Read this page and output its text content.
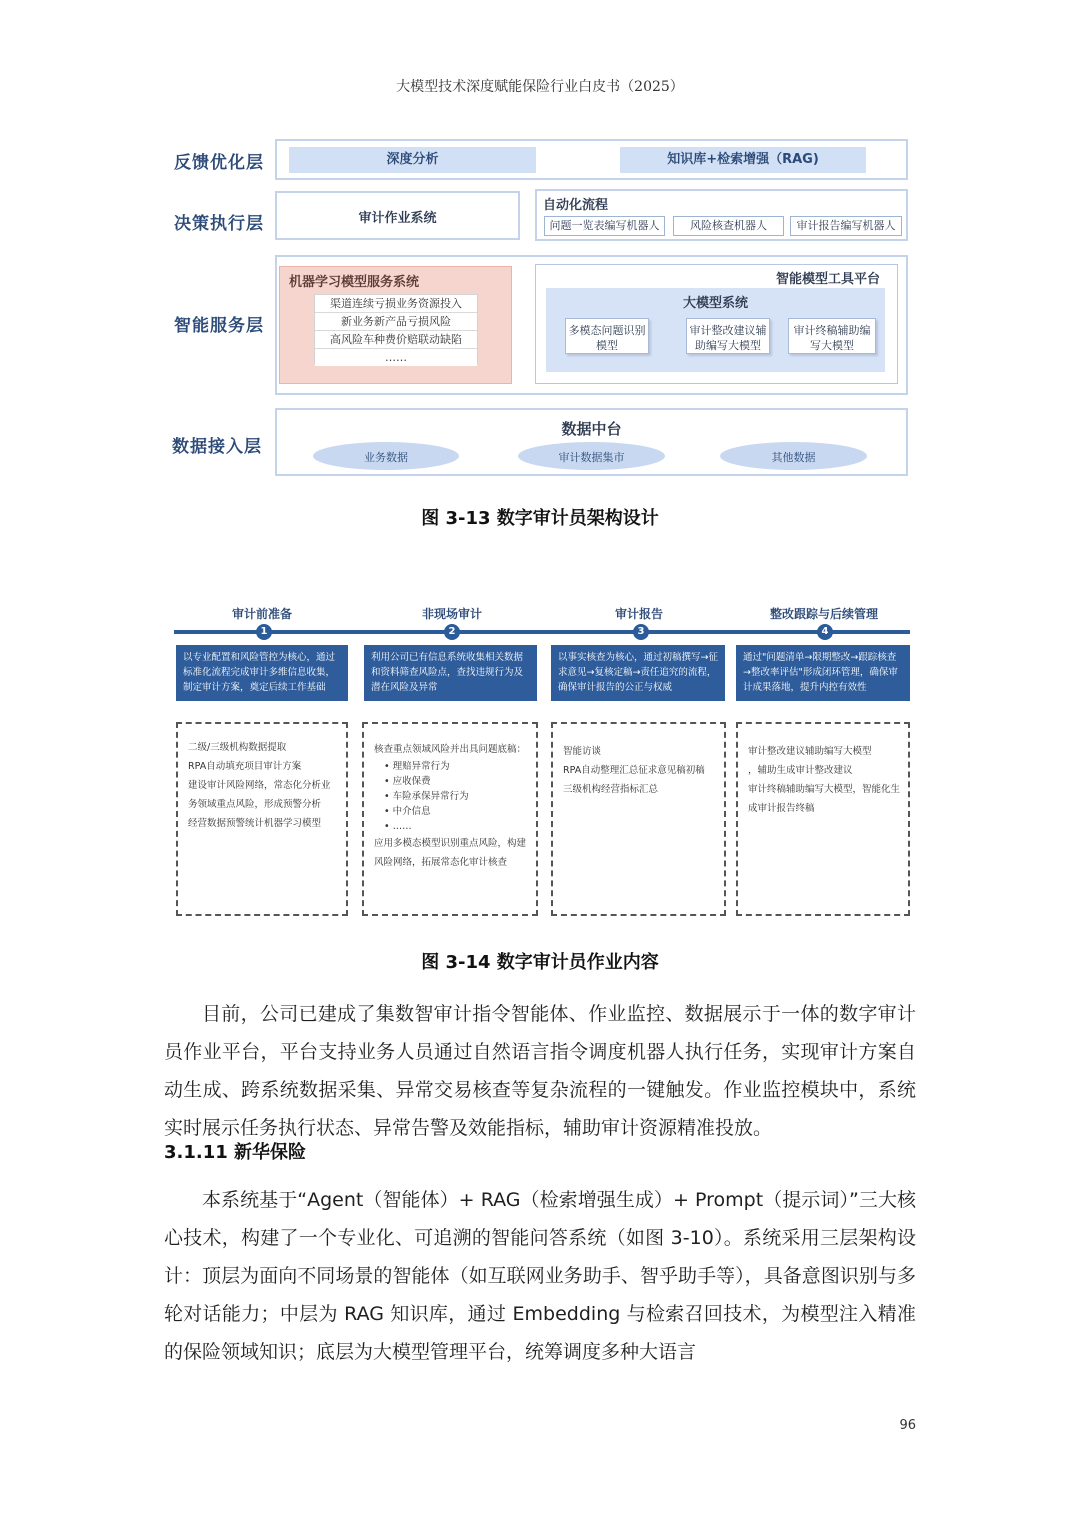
大模型技术深度赋能保险行业白皮书（2025）
反馈优化层
决策执行层
智能服务层
数据接入层
深度分析	知识库+检索增强（RAG)
审计作业系统
自动化流程
问题一览表编写机器人	风险核查机器人	审计报告编写机器人
机器学习模型服务系统
渠道连续亏损业务资源投入
新业务新产品亏损风险
高风险车种费价赔联动缺陷
……
智能模型工具平台
大模型系统
多模态问题识别模型
审计整改建议辅助编写大模型
审计终稿辅助编写大模型
数据中台
业务数据	审计数据集市	其他数据
图 3-13 数字审计员架构设计
审计前准备	非现场审计	审计报告	整改跟踪与后续管理
1	2	3	4
以专业配置和风险管控为核心，通过标准化流程完成审计多维信息收集，制定审计方案，奠定后续工作基础
利用公司已有信息系统收集相关数据和资料筛查风险点，查找违规行为及潜在风险及异常
以事实核查为核心，通过初稿撰写→征求意见→复核定稿→责任追究的流程，确保审计报告的公正与权威
通过"问题清单→限期整改→跟踪核查→整改率评估"形成闭环管理，确保审计成果落地，提升内控有效性
二级/三级机构数据提取
RPA自动填充项目审计方案
建设审计风险网络，常态化分析业务领域重点风险，形成预警分析
经营数据预警统计机器学习模型
核查重点领域风险并出具问题底稿：
• 理赔异常行为
• 应收保费
• 车险承保异常行为
• 中介信息
• ……
应用多模态模型识别重点风险，构建风险网络，拓展常态化审计核查
智能访谈
RPA自动整理汇总征求意见稿初稿
三级机构经营指标汇总
审计整改建议辅助编写大模型
，辅助生成审计整改建议
审计终稿辅助编写大模型，智能化生成审计报告终稿
图 3-14 数字审计员作业内容
目前，公司已建成了集数智审计指令智能体、作业监控、数据展示于一体的数字审计员作业平台，平台支持业务人员通过自然语言指令调度机器人执行任务，实现审计方案自动生成、跨系统数据采集、异常交易核查等复杂流程的一键触发。作业监控模块中，系统实时展示任务执行状态、异常告警及效能指标，辅助审计资源精准投放。
3.1.11 新华保险
本系统基于“Agent（智能体）+ RAG（检索增强生成）+ Prompt（提示词）”三大核心技术，构建了一个专业化、可追溯的智能问答系统（如图 3-10）。系统采用三层架构设计：顶层为面向不同场景的智能体（如互联网业务助手、智乎助手等），具备意图识别与多轮对话能力；中层为 RAG 知识库，通过 Embedding 与检索召回技术，为模型注入精准的保险领域知识；底层为大模型管理平台，统筹调度多种大语言
96
